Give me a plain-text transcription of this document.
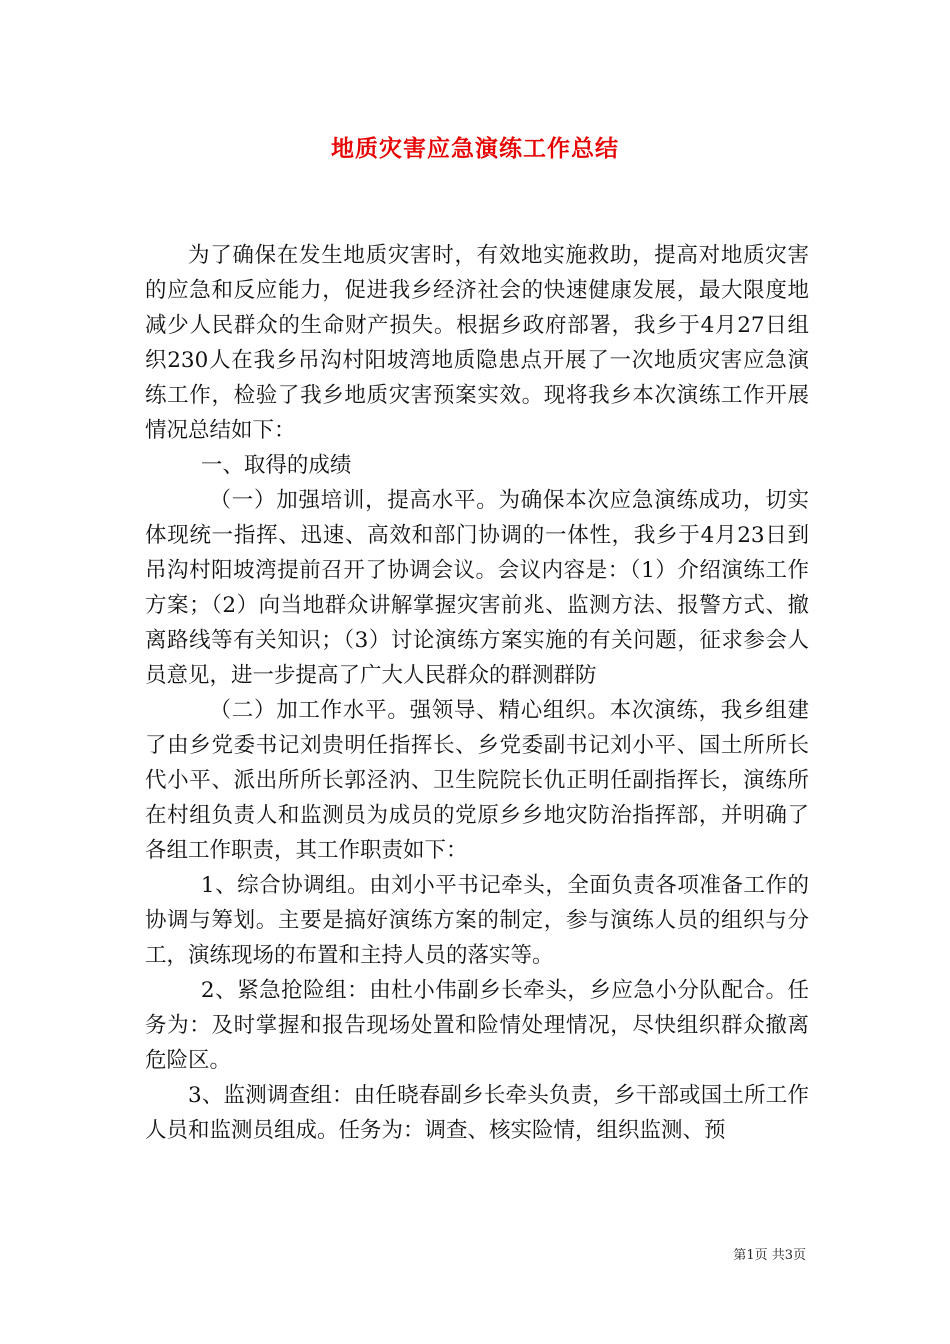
地质灾害应急演练工作总结

为了确保在发生地质灾害时，有效地实施救助，提高对地质灾害的应急和反应能力，促进我乡经济社会的快速健康发展，最大限度地减少人民群众的生命财产损失。根据乡政府部署，我乡于4月27日组织230人在我乡吊沟村阳坡湾地质隐患点开展了一次地质灾害应急演练工作，检验了我乡地质灾害预案实效。现将我乡本次演练工作开展情况总结如下：

一、取得的成绩

（一）加强培训，提高水平。为确保本次应急演练成功，切实体现统一指挥、迅速、高效和部门协调的一体性，我乡于4月23日到吊沟村阳坡湾提前召开了协调会议。会议内容是：（1）介绍演练工作方案；（2）向当地群众讲解掌握灾害前兆、监测方法、报警方式、撤离路线等有关知识；（3）讨论演练方案实施的有关问题，征求参会人员意见，进一步提高了广大人民群众的群测群防

（二）加工作水平。强领导、精心组织。本次演练，我乡组建了由乡党委书记刘贵明任指挥长、乡党委副书记刘小平、国土所所长代小平、派出所所长郭泾汭、卫生院院长仇正明任副指挥长，演练所在村组负责人和监测员为成员的党原乡乡地灾防治指挥部，并明确了各组工作职责，其工作职责如下：

1、综合协调组。由刘小平书记牵头，全面负责各项准备工作的协调与筹划。主要是搞好演练方案的制定，参与演练人员的组织与分工，演练现场的布置和主持人员的落实等。

2、紧急抢险组：由杜小伟副乡长牵头，乡应急小分队配合。任务为：及时掌握和报告现场处置和险情处理情况，尽快组织群众撤离危险区。

3、监测调查组：由任晓春副乡长牵头负责，乡干部或国土所工作人员和监测员组成。任务为：调查、核实险情，组织监测、预

第1页 共3页
